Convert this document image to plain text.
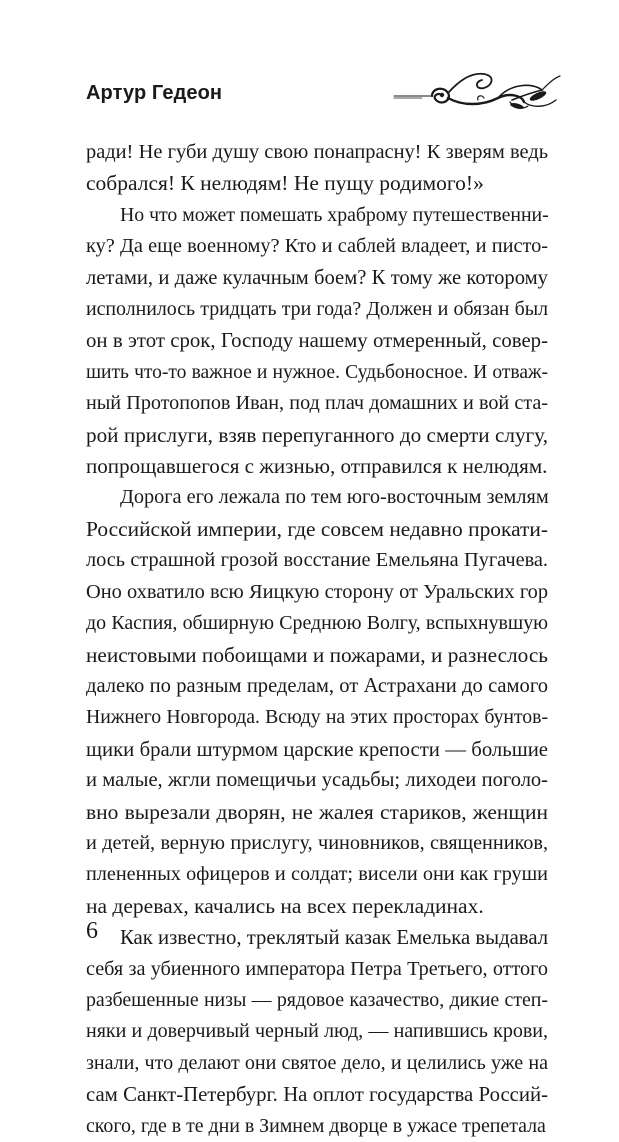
Артур Гедеон

ради! Не губи душу свою понапрасну! К зверям ведь
собрался! К нелюдям! Не пущу родимого!»

Но что может помешать храброму путешественни-
ку? Да еще военному? Кто и саблей владеет, и писто-
летами, и даже кулачным боем? К тому же которому
исполнилось тридцать три года? Должен и обязан был
он в этот срок, Господу нашему отмеренный, совер-
шить что-то важное и нужное. Судьбоносное. И отваж-
ный Протопопов Иван, под плач домашних и вой ста-
рой прислуги, взяв перепуганного до смерти слугу,
попрощавшегося с жизнью, отправился к нелюдям.

Дорога его лежала по тем юго-восточным землям
Российской империи, где совсем недавно прокати-
лось страшной грозой восстание Емельяна Пугачева.
Оно охватило всю Яицкую сторону от Уральских гор
до Каспия, обширную Среднюю Волгу, вспыхнувшую
неистовыми побоищами и пожарами, и разнеслось
далеко по разным пределам, от Астрахани до самого
Нижнего Новгорода. Всюду на этих просторах бунтов-
щики брали штурмом царские крепости — большие
и малые, жгли помещичьи усадьбы; лиходеи поголо-
вно вырезали дворян, не жалея стариков, женщин
и детей, верную прислугу, чиновников, священников,
плененных офицеров и солдат; висели они как груши
на деревах, качались на всех перекладинах.

Как известно, треклятый казак Емелька выдавал
себя за убиенного императора Петра Третьего, оттого
разбешенные низы — рядовое казачество, дикие степ-
няки и доверчивый черный люд, — напившись крови,
знали, что делают они святое дело, и целились уже на
сам Санкт-Петербург. На оплот государства Россий-
ского, где в те дни в Зимнем дворце в ужасе трепетала

6
